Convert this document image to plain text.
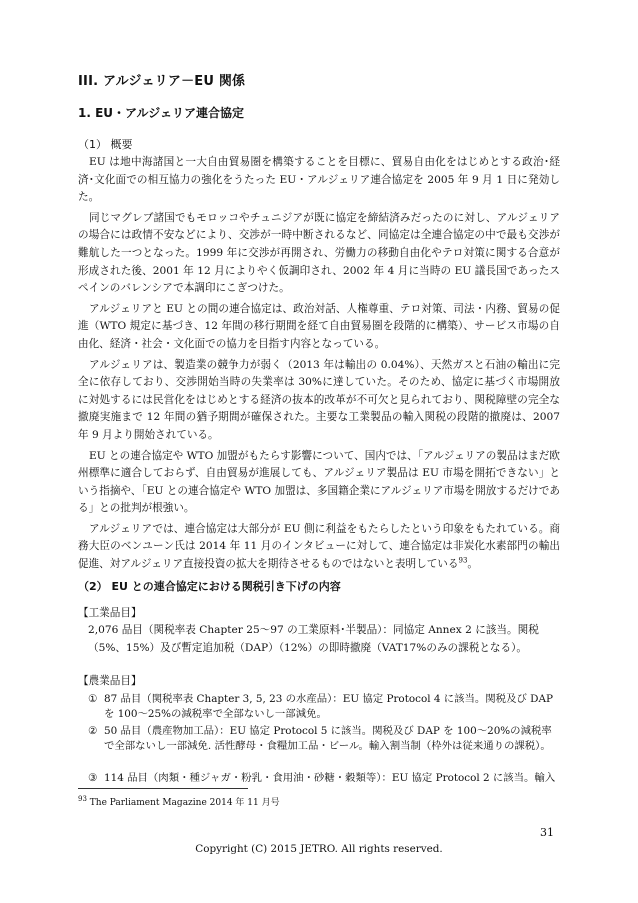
III. アルジェリア－EU 関係
1. EU・アルジェリア連合協定
（1） 概要

EU は地中海諸国と一大自由貿易圏を構築することを目標に、貿易自由化をはじめとする政治･経済･文化面での相互協力の強化をうたった EU・アルジェリア連合協定を 2005 年 9 月 1 日に発効した。

同じマグレブ諸国でもモロッコやチュニジアが既に協定を締結済みだったのに対し、アルジェリアの場合には政情不安などにより、交渉が一時中断されるなど、同協定は全連合協定の中で最も交渉が難航した一つとなった。1999 年に交渉が再開され、労働力の移動自由化やテロ対策に関する合意が形成された後、2001 年 12 月によりやく仮調印され、2002 年 4 月に当時の EU 議長国であったスペインのバレンシアで本調印にこぎつけた。

アルジェリアと EU との間の連合協定は、政治対話、人権尊重、テロ対策、司法・内務、貿易の促進（WTO 規定に基づき、12 年間の移行期間を経て自由貿易圏を段階的に構築）、サービス市場の自由化、経済・社会・文化面での協力を目指す内容となっている。

アルジェリアは、製造業の競争力が弱く（2013 年は輸出の 0.04%）、天然ガスと石油の輸出に完全に依存しており、交渉開始当時の失業率は 30%に達していた。そのため、協定に基づく市場開放に対処するには民営化をはじめとする経済の抜本的改革が不可欠と見られており、関税障壁の完全な撤廃実施まで 12 年間の猶予期間が確保された。主要な工業製品の輸入関税の段階的撤廃は、2007 年 9 月より開始されている。

EU との連合協定や WTO 加盟がもたらす影響について、国内では、「アルジェリアの製品はまだ欧州標準に適合しておらず、自由貿易が進展しても、アルジェリア製品は EU 市場を開拓できない」という指摘や、「EU との連合協定や WTO 加盟は、多国籍企業にアルジェリア市場を開放するだけである」との批判が根強い。

アルジェリアでは、連合協定は大部分が EU 側に利益をもたらしたという印象をもたれている。商務大臣のベンユーン氏は 2014 年 11 月のインタビューに対して、連合協定は非炭化水素部門の輸出促進、対アルジェリア直接投資の拡大を期待させるものではないと表明している$^{93}$。

（2） EU との連合協定における関税引き下げの内容
【工業品目】
2,076 品目（関税率表 Chapter 25～97 の工業原料･半製品）：同協定 Annex 2 に該当。関税（5%、15%）及び暫定追加税（DAP）（12%）の即時撤廃（VAT17%のみの課税となる）。
【農業品目】
① 87 品目（関税率表 Chapter 3, 5, 23 の水産品）：EU 協定 Protocol 4 に該当。関税及び DAP を 100～25%の減税率で全部ないし一部減免。
② 50 品目（農産物加工品）：EU 協定 Protocol 5 に該当。関税及び DAP を 100～20%の減税率で全部ないし一部減免. 活性酵母・食糧加工品・ビール。輸入割当制（枠外は従来通りの課税）。
③ 114 品目（肉類・種ジャガ・粉乳・食用油・砂糖・穀類等）：EU 協定 Protocol 2 に該当。輸入
$^{93}$ The Parliament Magazine 2014 年 11 月号
31
Copyright (C) 2015 JETRO. All rights reserved.
